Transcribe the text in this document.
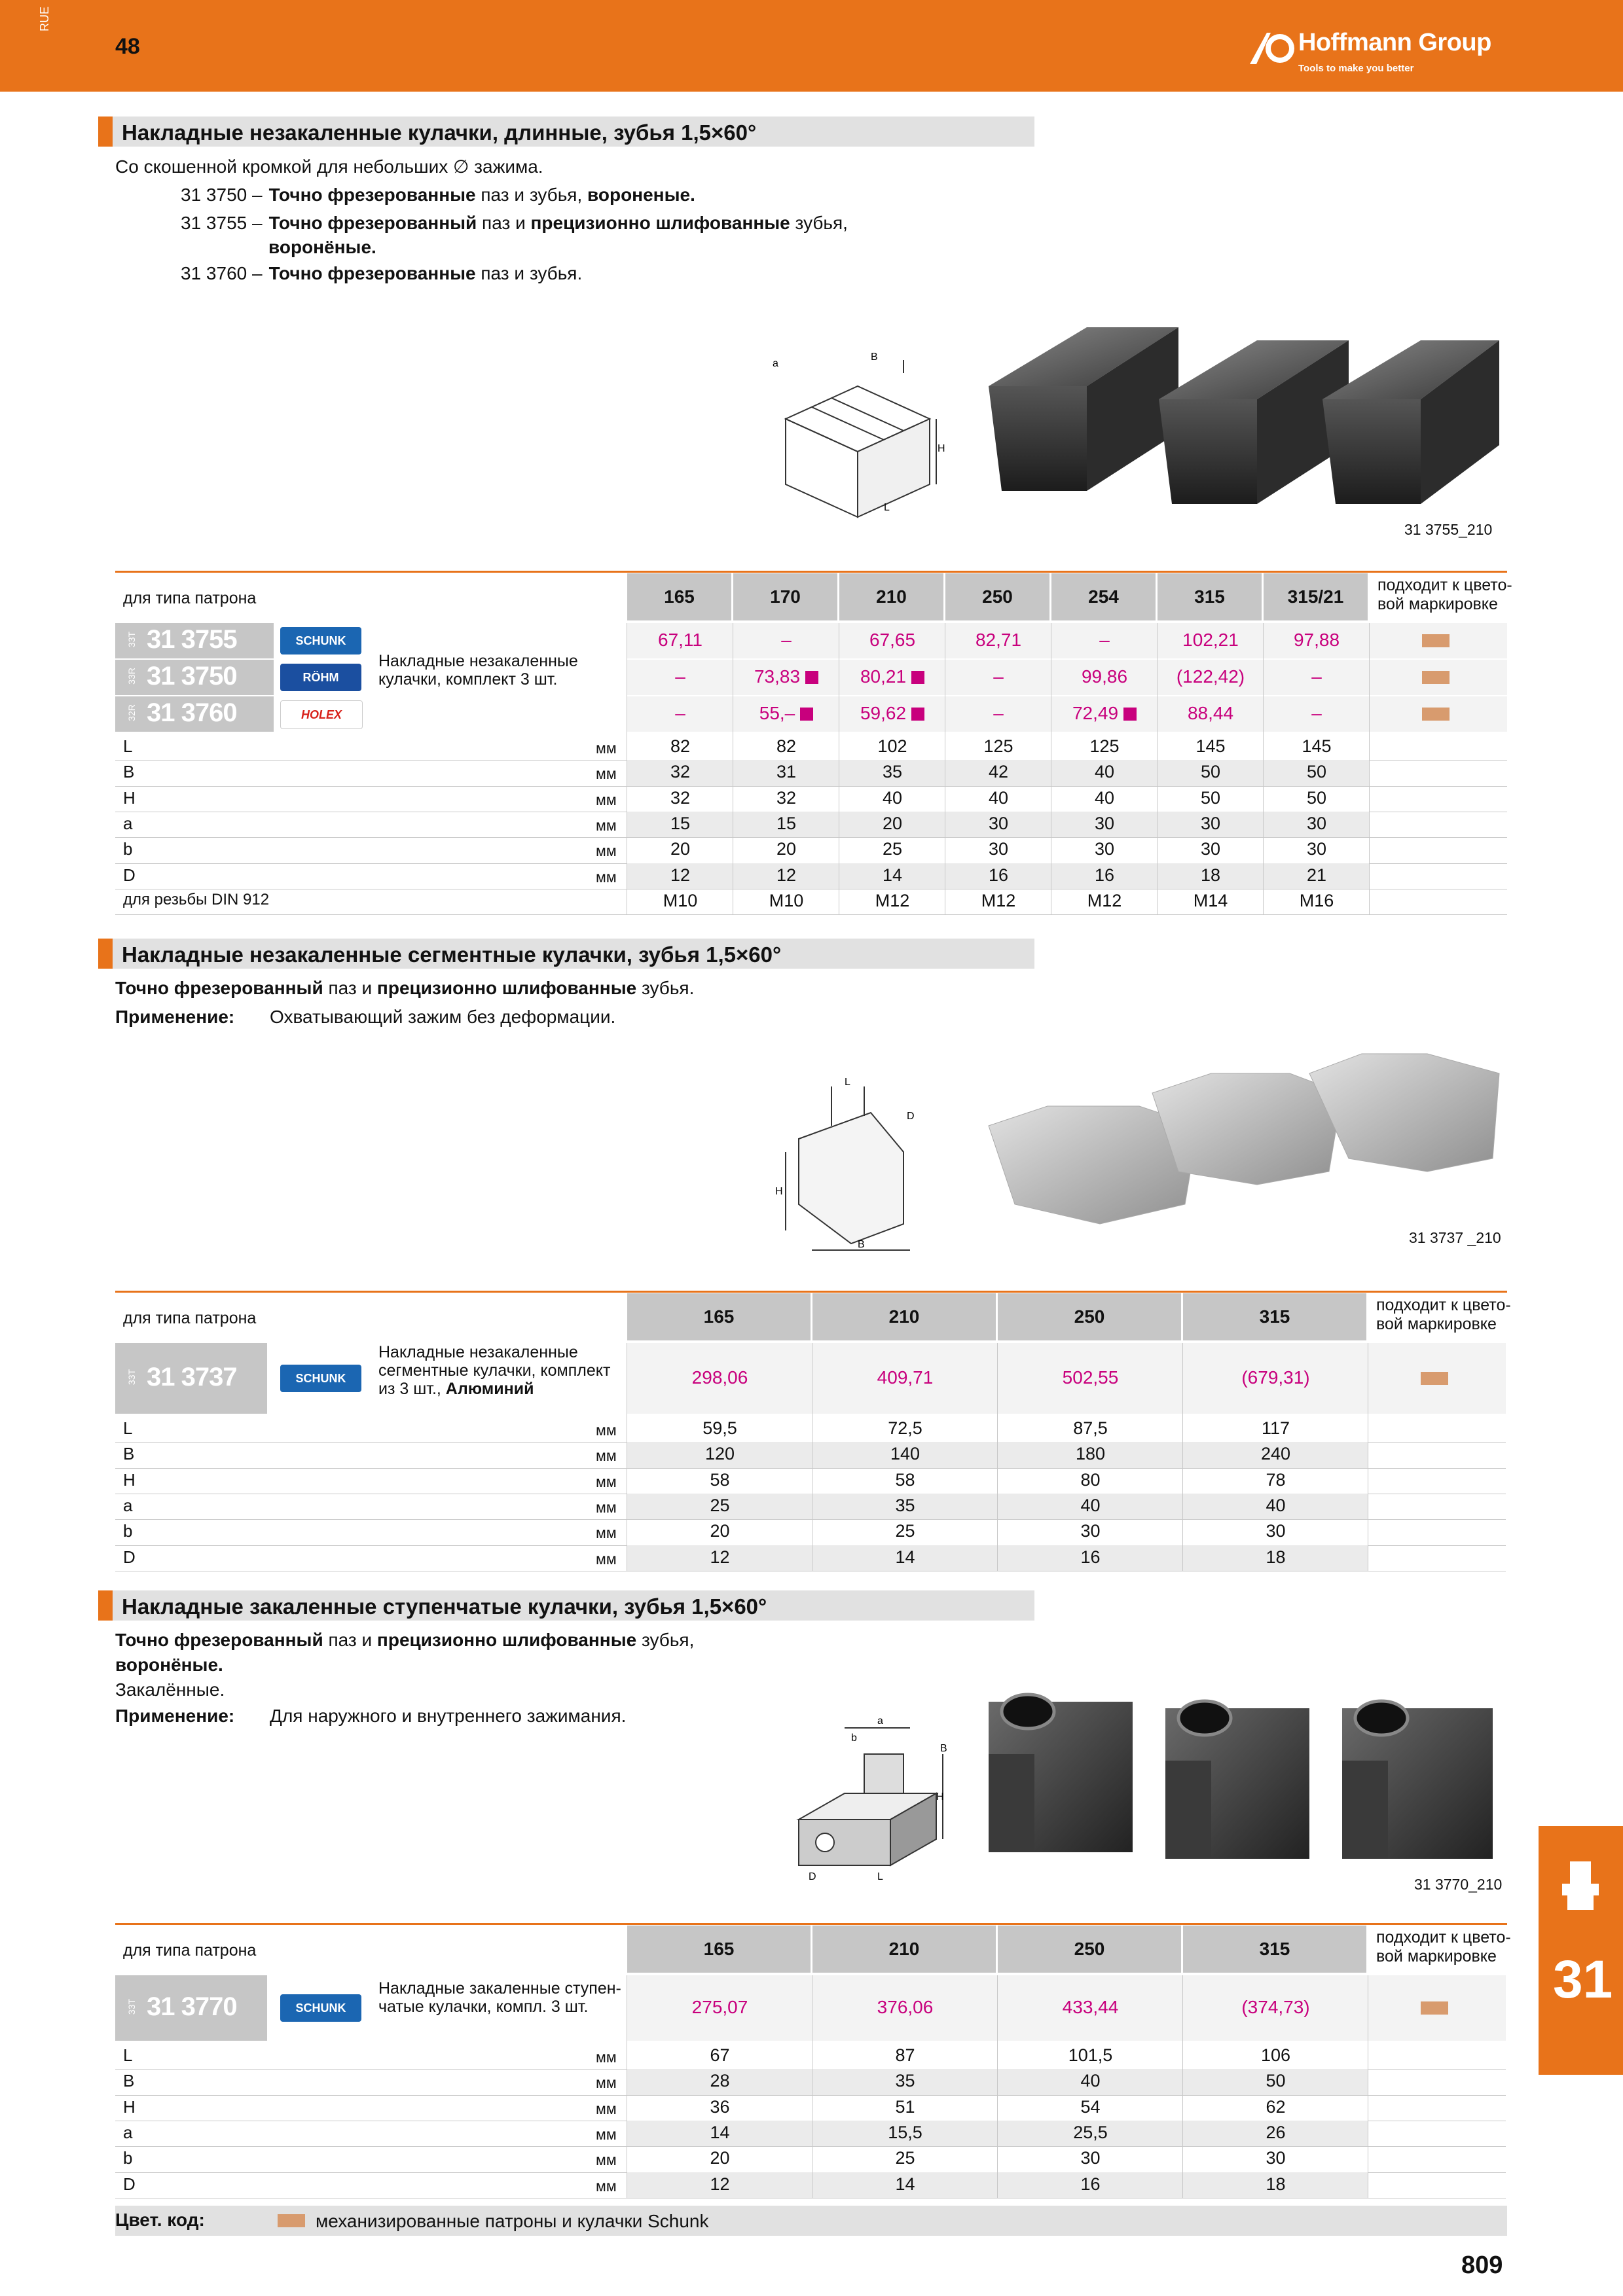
RUE
48	Hoffmann Group
Tools to make you better
Накладные незакаленные кулачки, длинные, зубья 1,5×60°
Со скошенной кромкой для небольших ∅ зажима.
31 3750 – Точно фрезерованные паз и зубья, воронeные.
31 3755 – Точно фрезерованный паз и прецизионно шлифованные зубья,
воронёные.
31 3760 – Точно фрезерованные паз и зубья.
a
B
H
L
31 3755_210
для типа патрона	165	170	210	250	254	315	315/21
подходит к цвето-
вой маркировке
33T 31 3755	SCHUNK	67,11	–	67,65	82,71	–	102,21	97,88
33R 31 3750	RÖHM	–	73,83	80,21	–	99,86	(122,42)	–
32R 31 3760	HOLEX	–	55,–	59,62	–	72,49	88,44	–
Накладные незакаленные
кулачки, комплект 3 шт.
L	мм	82	82	102	125	125	145	145
B	мм	32	31	35	42	40	50	50
H	мм	32	32	40	40	40	50	50
a	мм	15	15	20	30	30	30	30
b	мм	20	20	25	30	30	30	30
D	мм	12	12	14	16	16	18	21
для резьбы DIN 912	M10	M10	M12	M12	M12	M14	M16
Накладные незакаленные сегментные кулачки, зубья 1,5×60°
Точно фрезерованный паз и прецизионно шлифованные зубья.
Применение: Охватывающий зажим без деформации.
L
H
B
D
31 3737 _210
для типа патрона	165	210	250	315
подходит к цвето-
вой маркировке
33T 31 3737	SCHUNK	298,06	409,71	502,55	(679,31)
Накладные незакаленные
сегментные кулачки, комплект
из 3 шт., Алюминий
L	мм	59,5	72,5	87,5	117
B	мм	120	140	180	240
H	мм	58	58	80	78
a	мм	25	35	40	40
b	мм	20	25	30	30
D	мм	12	14	16	18
Накладные закаленные ступенчатые кулачки, зубья 1,5×60°
Точно фрезерованный паз и прецизионно шлифованные зубья,
воронёные.
Закалённые.
Применение: Для наружного и внутреннего зажимания.	a
b
B
H
L
D	31 3770_210
для типа патрона	165	210	250	315
подходит к цвето-
вой маркировке
33T 31 3770	SCHUNK	275,07	376,06	433,44	(374,73)
Накладные закаленные ступен-
чатые кулачки, компл. 3 шт.
L	мм	67	87	101,5	106
B	мм	28	35	40	50
H	мм	36	51	54	62
a	мм	14	15,5	25,5	26
b	мм	20	25	30	30
D	мм	12	14	16	18
Цвет. код:	механизированные патроны и кулачки Schunk
31
809
